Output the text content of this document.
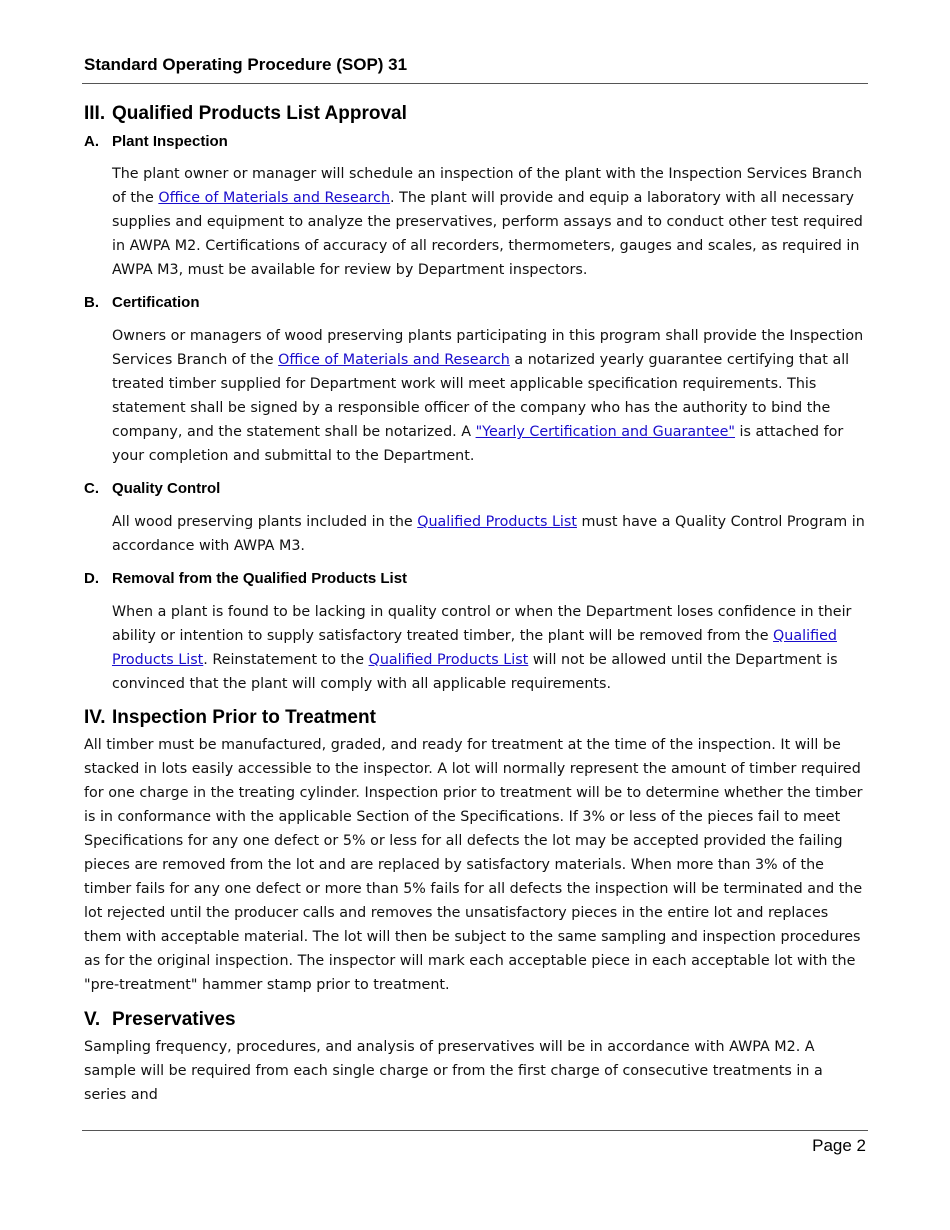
Standard Operating Procedure (SOP) 31
III. Qualified Products List Approval
A. Plant Inspection

The plant owner or manager will schedule an inspection of the plant with the Inspection Services Branch of the Office of Materials and Research. The plant will provide and equip a laboratory with all necessary supplies and equipment to analyze the preservatives, perform assays and to conduct other test required in AWPA M2. Certifications of accuracy of all recorders, thermometers, gauges and scales, as required in AWPA M3, must be available for review by Department inspectors.

B. Certification

Owners or managers of wood preserving plants participating in this program shall provide the Inspection Services Branch of the Office of Materials and Research a notarized yearly guarantee certifying that all treated timber supplied for Department work will meet applicable specification requirements. This statement shall be signed by a responsible officer of the company who has the authority to bind the company, and the statement shall be notarized. A "Yearly Certification and Guarantee" is attached for your completion and submittal to the Department.

C. Quality Control

All wood preserving plants included in the Qualified Products List must have a Quality Control Program in accordance with AWPA M3.

D. Removal from the Qualified Products List

When a plant is found to be lacking in quality control or when the Department loses confidence in their ability or intention to supply satisfactory treated timber, the plant will be removed from the Qualified Products List. Reinstatement to the Qualified Products List will not be allowed until the Department is convinced that the plant will comply with all applicable requirements.

IV. Inspection Prior to Treatment

All timber must be manufactured, graded, and ready for treatment at the time of the inspection. It will be stacked in lots easily accessible to the inspector. A lot will normally represent the amount of timber required for one charge in the treating cylinder. Inspection prior to treatment will be to determine whether the timber is in conformance with the applicable Section of the Specifications. If 3% or less of the pieces fail to meet Specifications for any one defect or 5% or less for all defects the lot may be accepted provided the failing pieces are removed from the lot and are replaced by satisfactory materials. When more than 3% of the timber fails for any one defect or more than 5% fails for all defects the inspection will be terminated and the lot rejected until the producer calls and removes the unsatisfactory pieces in the entire lot and replaces them with acceptable material. The lot will then be subject to the same sampling and inspection procedures as for the original inspection. The inspector will mark each acceptable piece in each acceptable lot with the "pre-treatment" hammer stamp prior to treatment.

V. Preservatives

Sampling frequency, procedures, and analysis of preservatives will be in accordance with AWPA M2. A sample will be required from each single charge or from the first charge of consecutive treatments in a series and

Page 2
